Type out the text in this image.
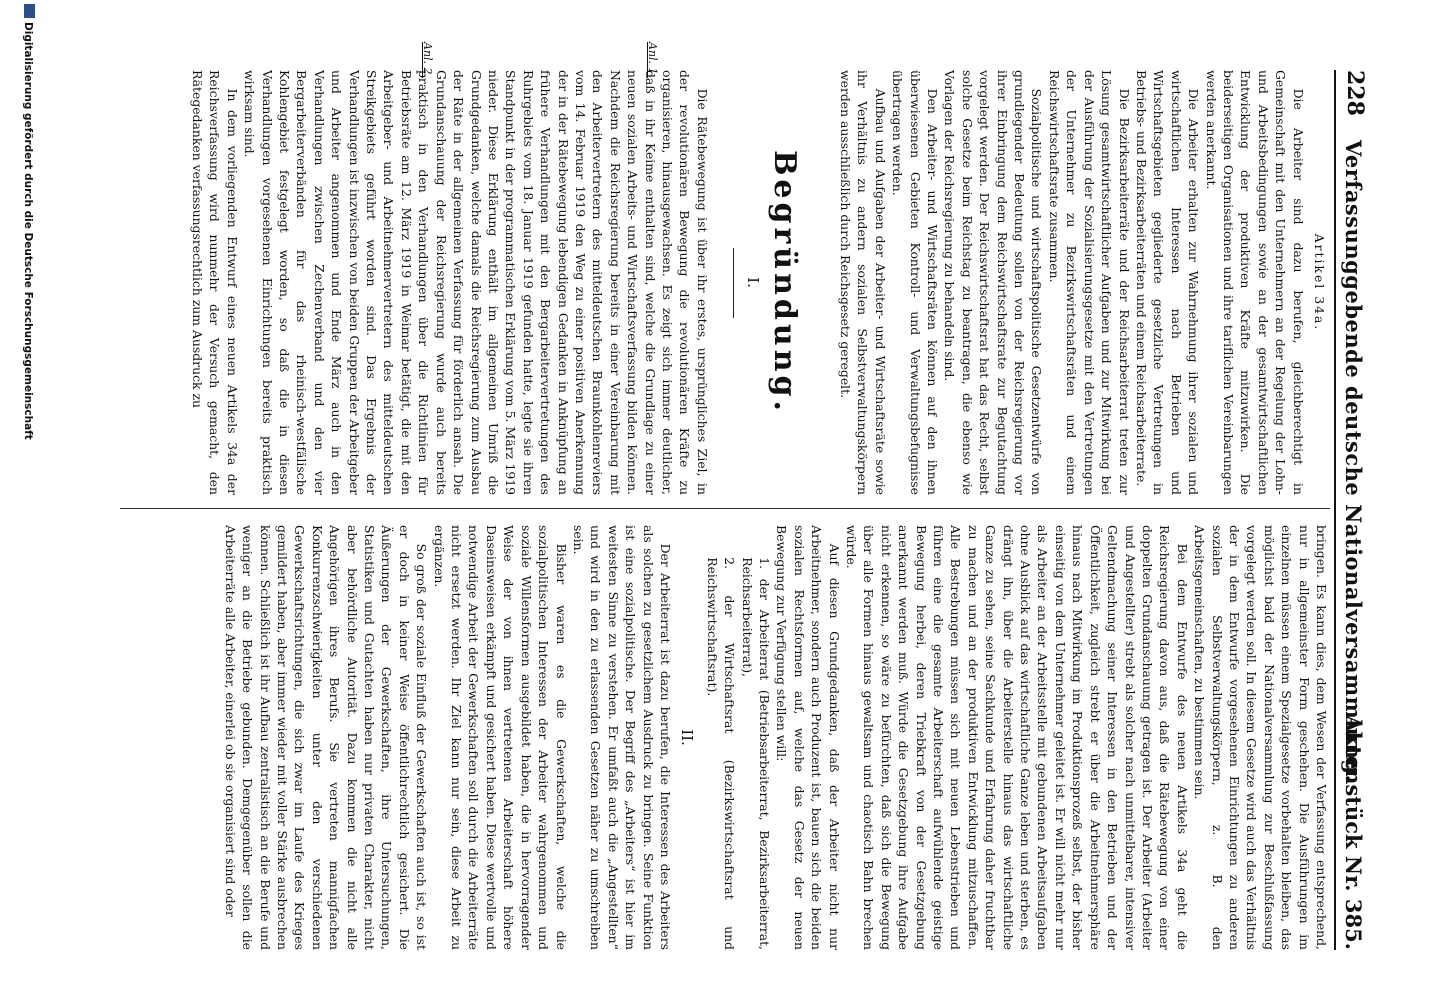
228
Verfassunggebende deutsche Nationalversammlung.
Aktenstück Nr. 385.
Anl. 1.
Anl. 2.

Artikel 34a.

Die Arbeiter sind dazu berufen, gleichberechtigt in Gemeinschaft mit den Unternehmern an der Regelung der Lohn- und Arbeitsbedingungen sowie an der gesamtwirtschaftlichen Entwicklung der produktiven Kräfte mitzuwirken. Die beiderseitigen Organisationen und ihre tariflichen Vereinbarungen werden anerkannt.

Die Arbeiter erhalten zur Wahrnehmung ihrer sozialen und wirtschaftlichen Interessen nach Betrieben und Wirtschaftsgebieten gegliederte gesetzliche Vertretungen in Betriebs- und Bezirksarbeiterräten und einem Reichsarbeiterrate.

Die Bezirksarbeiterräte und der Reichsarbeiterrat treten zur Lösung gesamtwirtschaftlicher Aufgaben und zur Mitwirkung bei der Ausführung der Sozialisierungsgesetze mit den Vertretungen der Unternehmer zu Bezirkswirtschaftsräten und einem Reichswirtschaftsrate zusammen.

Sozialpolitische und wirtschaftspolitische Gesetzentwürfe von grundlegender Bedeutung sollen von der Reichsregierung vor ihrer Einbringung dem Reichswirtschaftsrate zur Begutachtung vorgelegt werden. Der Reichswirtschaftsrat hat das Recht, selbst solche Gesetze beim Reichstag zu beantragen, die ebenso wie Vorlagen der Reichsregierung zu behandeln sind.

Den Arbeiter- und Wirtschaftsräten können auf den ihnen überwiesenen Gebieten Kontroll- und Verwaltungsbefugnisse übertragen werden.

Aufbau und Aufgaben der Arbeiter- und Wirtschaftsräte sowie ihr Verhältnis zu andern sozialen Selbstverwaltungskörpern werden ausschließlich durch Reichsgesetz geregelt.

Begründung.

I.

Die Rätebewegung ist über ihr erstes, ursprüngliches Ziel, in der revolutionären Bewegung die revolutionären Kräfte zu organisieren, hinausgewachsen. Es zeigt sich immer deutlicher, daß in ihr Keime enthalten sind, welche die Grundlage zu einer neuen sozialen Arbeits- und Wirtschaftsverfassung bilden können. Nachdem die Reichsregierung bereits in einer Vereinbarung mit den Arbeitervertretern des mitteldeutschen Braunkohlenreviers vom 14. Februar 1919 den Weg zu einer positiven Anerkennung der in der Rätebewegung lebendigen Gedanken in Anknüpfung an frühere Verhandlungen mit den Bergarbeitervertretungen des Ruhrgebiets vom 18. Januar 1919 gefunden hatte, legte sie ihren Standpunkt in der programmatischen Erklärung vom 5. März 1919 nieder. Diese Erklärung enthält im allgemeinen Umriß die Grundgedanken, welche damals die Reichsregierung zum Ausbau der Räte in der allgemeinen Verfassung für förderlich ansah. Die Grundanschauung der Reichsregierung wurde auch bereits praktisch in den Verhandlungen über die Richtlinien für Betriebsräte am 12. März 1919 in Weimar betätigt, die mit den Arbeitgeber- und Arbeitnehmervertretern des mitteldeutschen Streikgebiets geführt worden sind. Das Ergebnis der Verhandlungen ist inzwischen von beiden Gruppen der Arbeitgeber und Arbeiter angenommen und Ende März auch in den Verhandlungen zwischen Zechenverband und den vier Bergarbeiterverbänden für das rheinisch-westfälische Kohlengebiet festgelegt worden, so daß die in diesen Verhandlungen vorgesehenen Einrichtungen bereits praktisch wirksam sind.

In dem vorliegenden Entwurf eines neuen Artikels 34a der Reichsverfassung wird nunmehr der Versuch gemacht, den Rätegedanken verfassungsrechtlich zum Ausdruck zu

bringen. Es kann dies, dem Wesen der Verfassung entsprechend, nur in allgemeinster Form geschehen. Die Ausführungen im einzelnen müssen einem Spezialgesetze vorbehalten bleiben, das möglichst bald der Nationalversammlung zur Beschlußfassung vorgelegt werden soll. In diesem Gesetze wird auch das Verhältnis der in dem Entwurfe vorgesehenen Einrichtungen zu anderen sozialen Selbstverwaltungskörpern, z. B. den Arbeitsgemeinschaften, zu bestimmen sein.

Bei dem Entwurfe des neuen Artikels 34a geht die Reichsregierung davon aus, daß die Rätebewegung von einer doppelten Grundanschauung getragen ist. Der Arbeiter (Arbeiter und Angestellter) strebt als solcher nach unmittelbarer, intensiver Geltendmachung seiner Interessen in den Betrieben und der Öffentlichkeit, zugleich strebt er über die Arbeitnehmersphäre hinaus nach Mitwirkung im Produktionsprozeß selbst, der bisher einseitig von dem Unternehmer geleitet ist. Er will nicht mehr nur als Arbeiter an der Arbeitsstelle mit gebundenen Arbeitsaufgaben ohne Ausblick auf das wirtschaftliche Ganze leben und sterben, es drängt ihn, über die Arbeiterstelle hinaus das wirtschaftliche Ganze zu sehen, seine Sachkunde und Erfahrung daher fruchtbar zu machen und an der produktiven Entwicklung mitzuschaffen. Alle Bestrebungen müssen sich mit neuen Lebenstrieben und führen eine die gesamte Arbeiterschaft aufwühlende geistige Bewegung herbei, deren Triebkraft von der Gesetzgebung anerkannt werden muß. Würde die Gesetzgebung ihre Aufgabe nicht erkennen, so wäre zu befürchten, daß sich die Bewegung über alle Formen hinaus gewaltsam und chaotisch Bahn brechen würde.

Auf diesen Grundgedanken, daß der Arbeiter nicht nur Arbeitnehmer, sondern auch Produzent ist, bauen sich die beiden sozialen Rechtsformen auf, welche das Gesetz der neuen Bewegung zur Verfügung stellen will:

1. der Arbeiterrat (Betriebsarbeiterrat, Bezirksarbeiterrat, Reichsarbeiterrat),

2. der Wirtschaftsrat (Bezirkswirtschaftsrat und Reichswirtschaftsrat).

II.

Der Arbeiterrat ist dazu berufen, die Interessen des Arbeiters als solchen zu gesetzlichem Ausdruck zu bringen. Seine Funktion ist eine sozialpolitische. Der Begriff des „Arbeiters“ ist hier im weitesten Sinne zu verstehen. Er umfaßt auch die „Angestellten“ und wird in den zu erlassenden Gesetzen näher zu umschreiben sein.

Bisher waren es die Gewerkschaften, welche die sozialpolitischen Interessen der Arbeiter wahrgenommen und soziale Willensformen ausgebildet haben, die in hervorragender Weise der von ihnen vertretenen Arbeiterschaft höhere Daseinsweisen erkämpft und gesichert haben. Diese wertvolle und notwendige Arbeit der Gewerkschaften soll durch die Arbeiterräte nicht ersetzt werden. Ihr Ziel kann nur sein, diese Arbeit zu ergänzen.

So groß der soziale Einfluß der Gewerkschaften auch ist, so ist er doch in keiner Weise öffentlichrechtlich gesichert. Die Äußerungen der Gewerkschaften, ihre Untersuchungen, Statistiken und Gutachten haben nur privaten Charakter, nicht aber behördliche Autorität. Dazu kommen die nicht alle Angehörigen ihres Berufs. Sie vertreten mannigfachen Konkurrenzschwierigkeiten unter den verschiedenen Gewerkschaftsrichtungen, die sich zwar im Laufe des Krieges gemildert haben, aber immer wieder mit voller Stärke ausbrechen können. Schließlich ist ihr Aufbau zentralistisch an die Berufe und weniger an die Betriebe gebunden. Demgegenüber sollen die Arbeiterräte alle Arbeiter, einerlei ob sie organisiert sind oder

Digitalisierung gefördert durch die Deutsche Forschungsgemeinschaft
